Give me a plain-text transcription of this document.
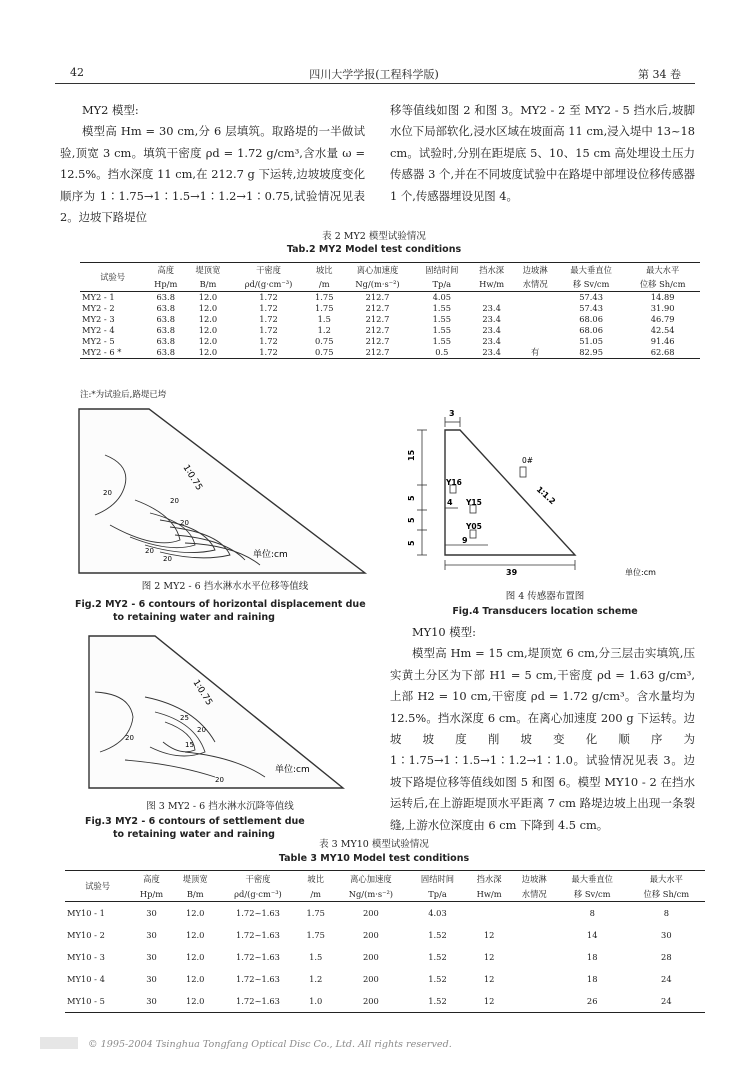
42	四川大学学报(工程科学版)	第 34 卷

MY2 模型:

模型高 Hm = 30 cm,分 6 层填筑。取路堤的一半做试验,顶宽 3 cm。填筑干密度 ρd = 1.72 g/cm³,含水量 ω = 12.5%。挡水深度 11 cm,在 212.7 g 下运转,边坡坡度变化顺序为 1∶1.75→1∶1.5→1∶1.2→1∶0.75,试验情况见表 2。边坡下路堤位

移等值线如图 2 和图 3。MY2 - 2 至 MY2 - 5 挡水后,坡脚水位下局部软化,浸水区域在坡面高 11 cm,浸入堤中 13~18 cm。试验时,分别在距堤底 5、10、15 cm 高处埋设土压力传感器 3 个,并在不同坡度试验中在路堤中部埋设位移传感器 1 个,传感器埋设见图 4。

表 2 MY2 模型试验情况
Tab.2 MY2 Model test conditions
试验号	高度	堤顶宽	干密度	坡比	离心加速度	固结时间	挡水深	边坡淋	最大垂直位	最大水平
	Hp/m	B/m	ρd/(g·cm⁻³)	/m	Ng/(m·s⁻²)	Tp/a	Hw/m	水情况	移 Sv/cm	位移 Sh/cm
MY2 - 1	63.8	12.0	1.72	1.75	212.7	4.05			57.43	14.89
MY2 - 2	63.8	12.0	1.72	1.75	212.7	1.55	23.4		57.43	31.90
MY2 - 3	63.8	12.0	1.72	1.5	212.7	1.55	23.4		68.06	46.79
MY2 - 4	63.8	12.0	1.72	1.2	212.7	1.55	23.4		68.06	42.54
MY2 - 5	63.8	12.0	1.72	0.75	212.7	1.55	23.4		51.05	91.46
MY2 - 6 *	63.8	12.0	1.72	0.75	212.7	0.5	23.4	有	82.95	62.68
注:*为试验后,路堤已垮
1∶0.75
20
20
20
20
20	单位:cm
图 2 MY2 - 6 挡水淋水水平位移等值线
Fig.2 MY2 - 6 contours of horizontal displacement due
to retaining water and raining
1∶0.75
20
25
20
15
20
单位:cm
图 3 MY2 - 6 挡水淋水沉降等值线
Fig.3 MY2 - 6 contours of settlement due
to retaining water and raining
3
15
5
5
5
Y16
Y15
Y05
4
9
39
0#
1∶1.2
单位:cm
图 4 传感器布置图
Fig.4 Transducers location scheme

MY10 模型:

模型高 Hm = 15 cm,堤顶宽 6 cm,分三层击实填筑,压实黄土分区为下部 H1 = 5 cm,干密度 ρd = 1.63 g/cm³,上部 H2 = 10 cm,干密度 ρd = 1.72 g/cm³。含水量均为 12.5%。挡水深度 6 cm。在离心加速度 200 g 下运转。边坡坡度削坡变化顺序为 1∶1.75→1∶1.5→1∶1.2→1∶1.0。试验情况见表 3。边坡下路堤位移等值线如图 5 和图 6。模型 MY10 - 2 在挡水运转后,在上游距堤顶水平距离 7 cm 路堤边坡上出现一条裂缝,上游水位深度由 6 cm 下降到 4.5 cm。

表 3 MY10 模型试验情况
Table 3 MY10 Model test conditions
试验号	高度	堤顶宽	干密度	坡比	离心加速度	固结时间	挡水深	边坡淋	最大垂直位	最大水平
	Hp/m	B/m	ρd/(g·cm⁻³)	/m	Ng/(m·s⁻²)	Tp/a	Hw/m	水情况	移 Sv/cm	位移 Sh/cm
MY10 - 1	30	12.0	1.72~1.63	1.75	200	4.03			8	8
MY10 - 2	30	12.0	1.72~1.63	1.75	200	1.52	12		14	30
MY10 - 3	30	12.0	1.72~1.63	1.5	200	1.52	12		18	28
MY10 - 4	30	12.0	1.72~1.63	1.2	200	1.52	12		18	24
MY10 - 5	30	12.0	1.72~1.63	1.0	200	1.52	12		26	24
© 1995-2004 Tsinghua Tongfang Optical Disc Co., Ltd. All rights reserved.
